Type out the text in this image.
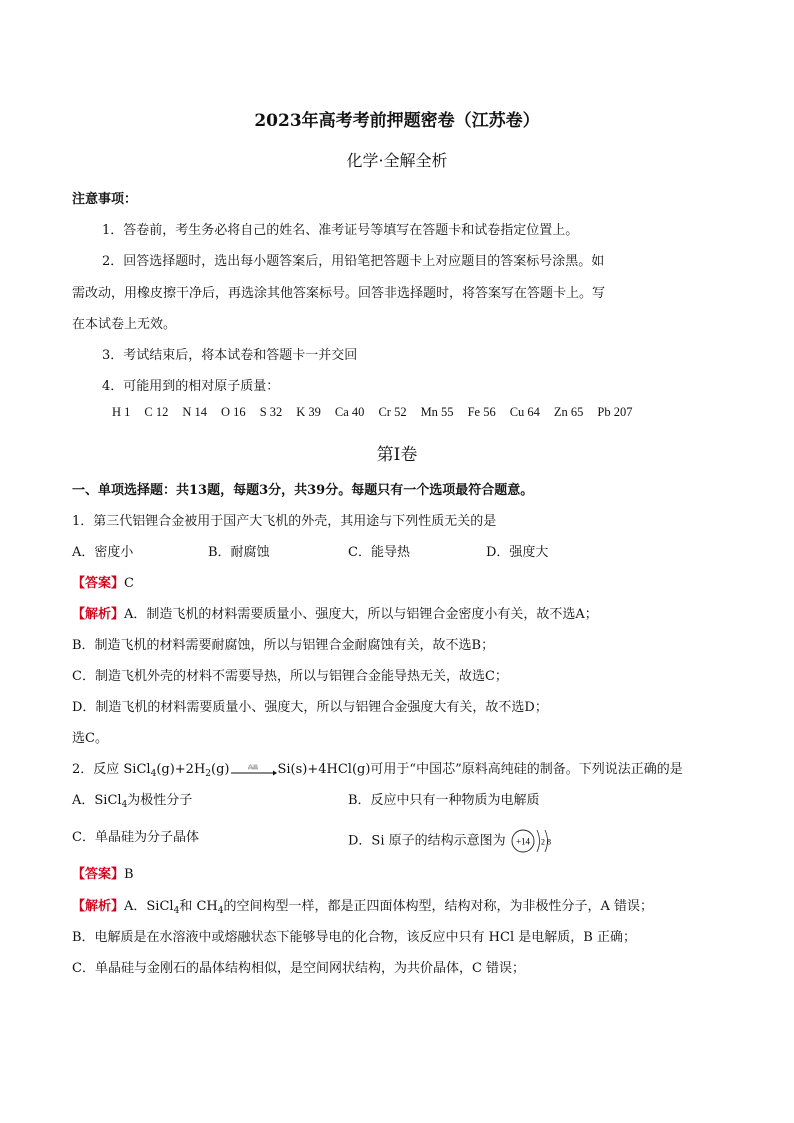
2023年高考考前押题密卷（江苏卷）
化学·全解全析
注意事项：
1．答卷前，考生务必将自己的姓名、准考证号等填写在答题卡和试卷指定位置上。
2．回答选择题时，选出每小题答案后，用铅笔把答题卡上对应题目的答案标号涂黑。如
需改动，用橡皮擦干净后，再选涂其他答案标号。回答非选择题时，将答案写在答题卡上。写
在本试卷上无效。
3．考试结束后，将本试卷和答题卡一并交回
4．可能用到的相对原子质量：
H 1 C 12 N 14 O 16 S 32 K 39 Ca 40 Cr 52 Mn 55 Fe 56 Cu 64 Zn 65 Pb 207
第Ⅰ卷
一、单项选择题：共13题，每题3分，共39分。每题只有一个选项最符合题意。
1．第三代铝锂合金被用于国产大飞机的外壳，其用途与下列性质无关的是
A．密度小	B．耐腐蚀	C．能导热	D．强度大
【答案】C
【解析】A．制造飞机的材料需要质量小、强度大，所以与铝锂合金密度小有关，故不选A；
B．制造飞机的材料需要耐腐蚀，所以与铝锂合金耐腐蚀有关，故不选B；
C．制造飞机外壳的材料不需要导热，所以与铝锂合金能导热无关，故选C；
D．制造飞机的材料需要质量小、强度大，所以与铝锂合金强度大有关，故不选D；
选C。
2．反应 $SiCl_4(g)+2H_2(g)$	高温 Si(s)+4HCl(g)可用于“中国芯”原料高纯硅的制备。下列说法正确的是
A．SiCl$_4$为极性分子	B．反应中只有一种物质为电解质
C．单晶硅为分子晶体	D．Si 原子的结构示意图为 +14 2 8
【答案】B
【解析】A．SiCl$_4$和 $CH_4$的空间构型一样，都是正四面体构型，结构对称，为非极性分子，A 错误；
B．电解质是在水溶液中或熔融状态下能够导电的化合物，该反应中只有 HCl 是电解质，B 正确；
C．单晶硅与金刚石的晶体结构相似，是空间网状结构，为共价晶体，C 错误；
